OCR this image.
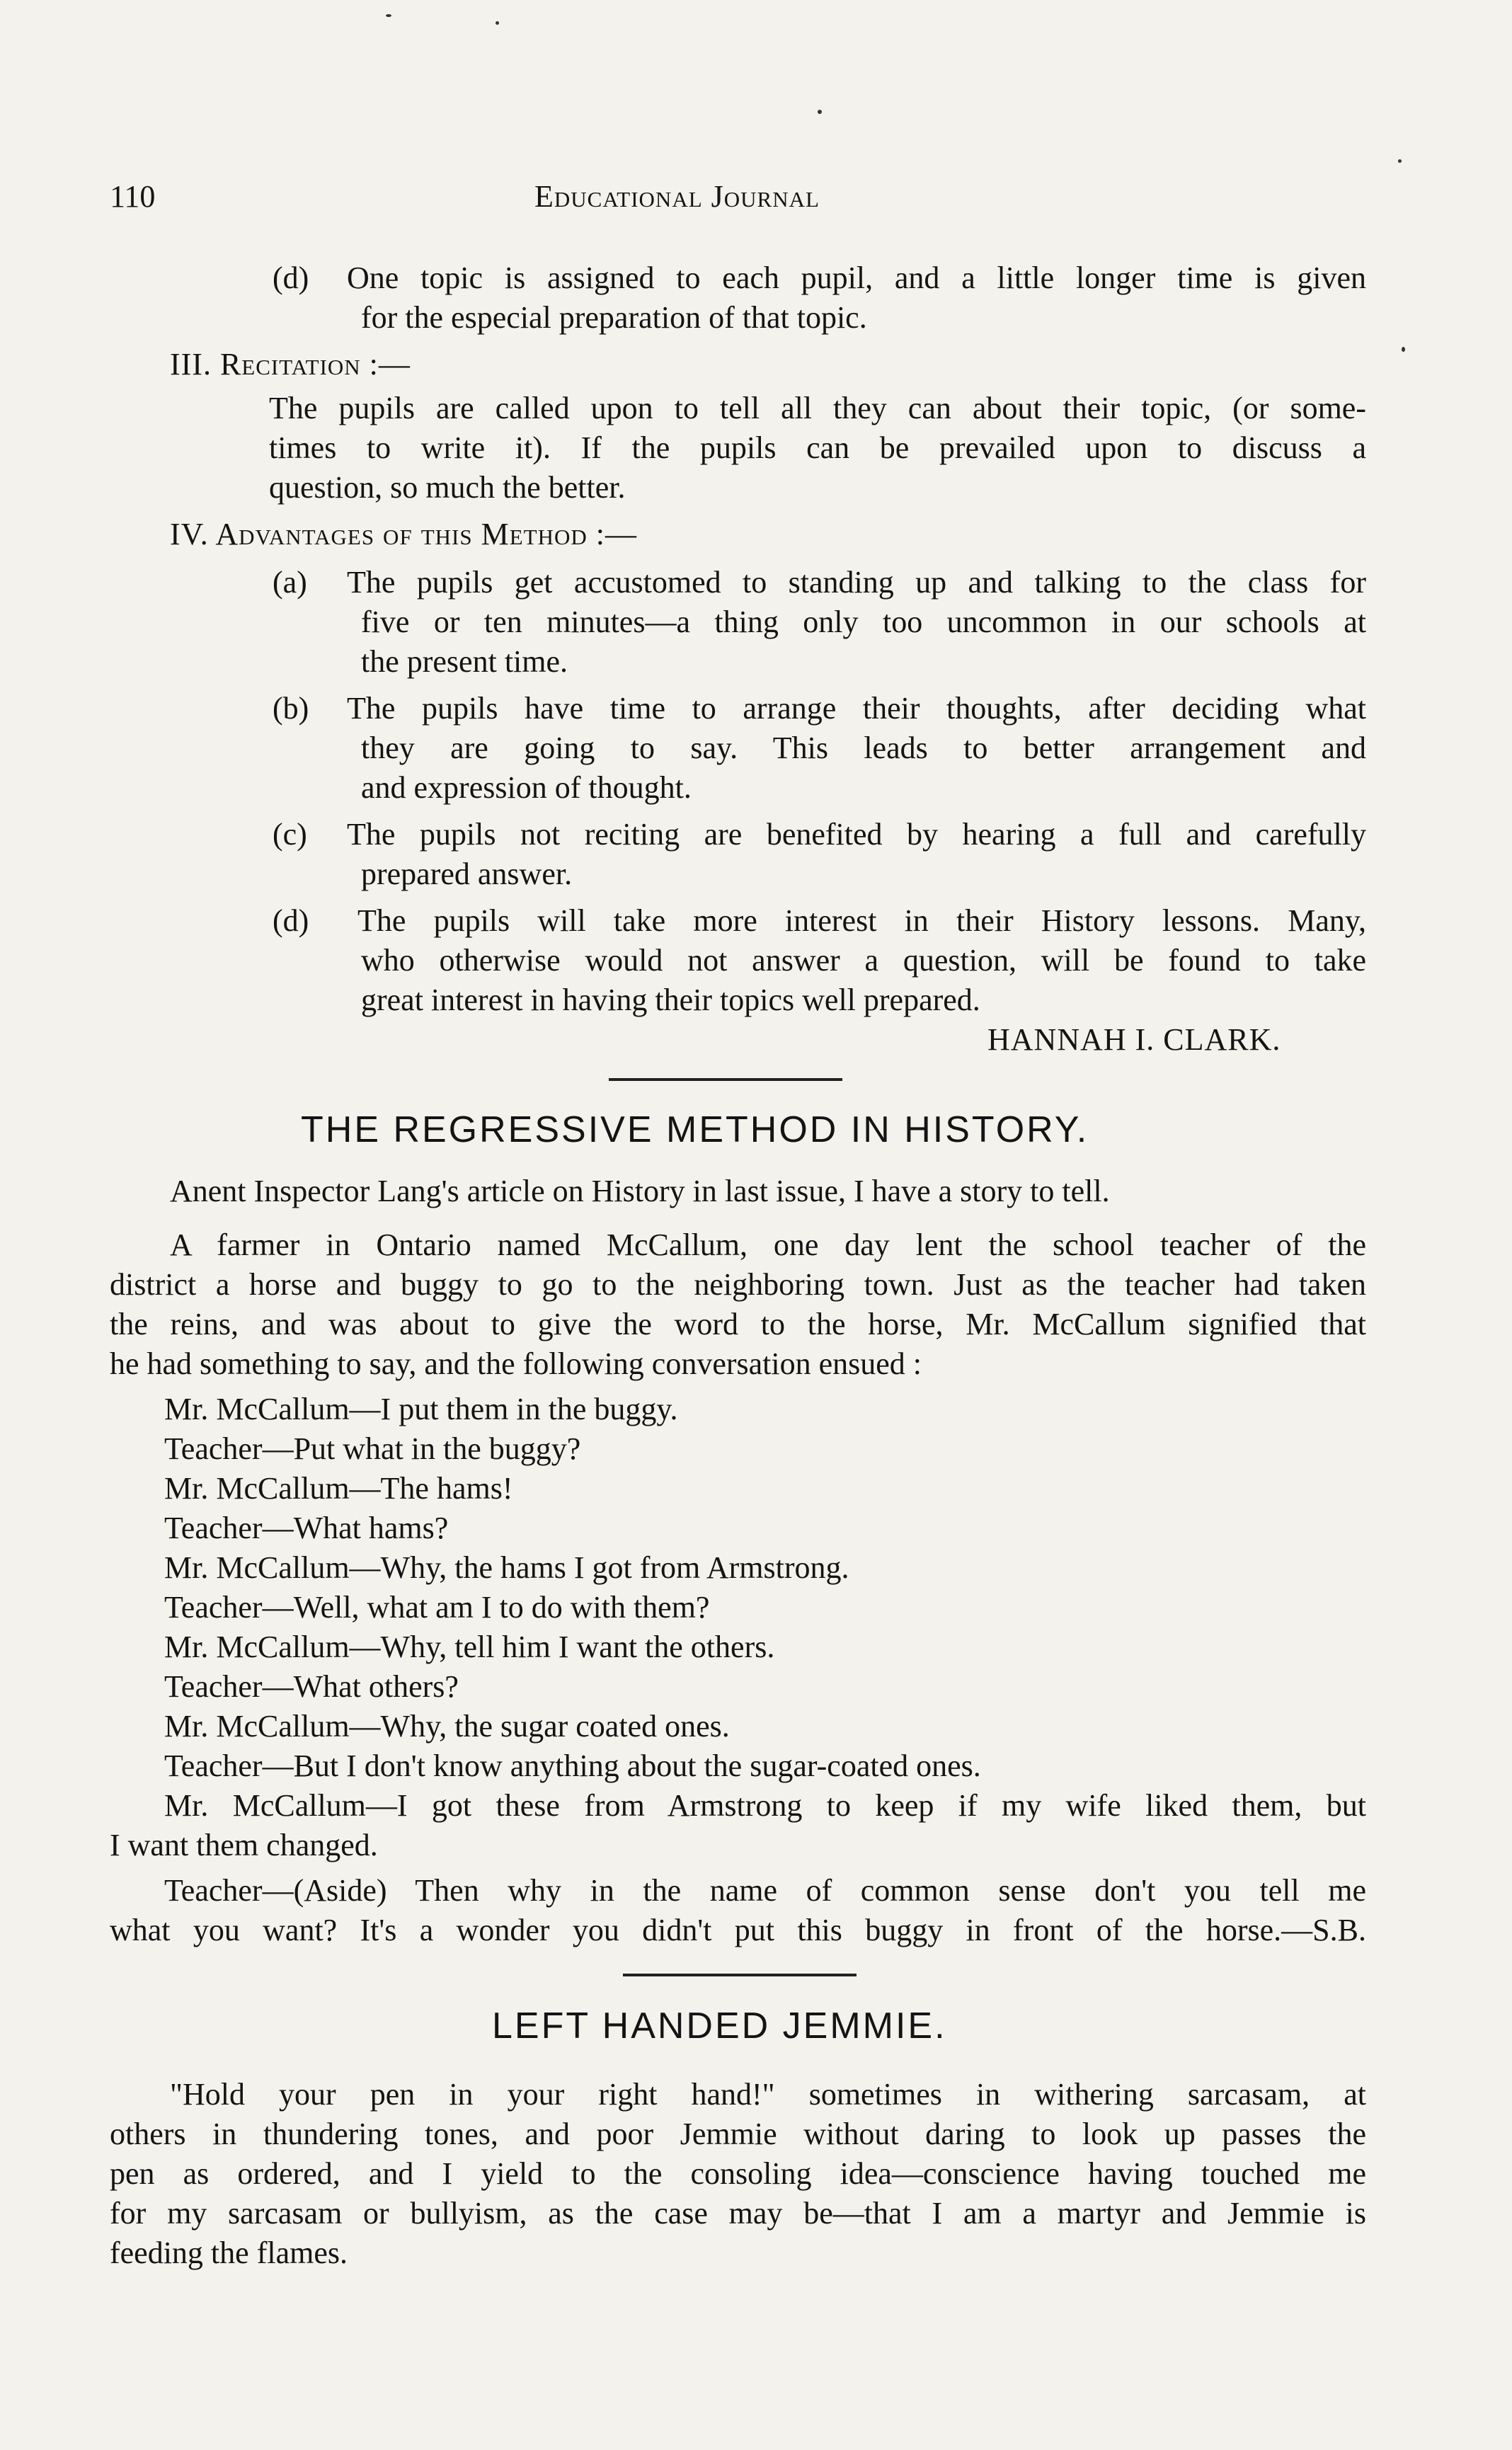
110	Educational Journal
(d) One topic is assigned to each pupil, and a little longer time is given
for the especial preparation of that topic.
III. Recitation :—
The pupils are called upon to tell all they can about their topic, (or some-
times to write it). If the pupils can be prevailed upon to discuss a
question, so much the better.
IV. Advantages of this Method :—
(a) The pupils get accustomed to standing up and talking to the class for
five or ten minutes—a thing only too uncommon in our schools at
the present time.
(b) The pupils have time to arrange their thoughts, after deciding what
they are going to say. This leads to better arrangement and
and expression of thought.
(c) The pupils not reciting are benefited by hearing a full and carefully
prepared answer.
(d) The pupils will take more interest in their History lessons. Many,
who otherwise would not answer a question, will be found to take
great interest in having their topics well prepared.
HANNAH I. CLARK.
THE REGRESSIVE METHOD IN HISTORY.
Anent Inspector Lang's article on History in last issue, I have a story to tell.
A farmer in Ontario named McCallum, one day lent the school teacher of the
district a horse and buggy to go to the neighboring town. Just as the teacher had taken
the reins, and was about to give the word to the horse, Mr. McCallum signified that
he had something to say, and the following conversation ensued :
Mr. McCallum—I put them in the buggy.
Teacher—Put what in the buggy?
Mr. McCallum—The hams!
Teacher—What hams?
Mr. McCallum—Why, the hams I got from Armstrong.
Teacher—Well, what am I to do with them?
Mr. McCallum—Why, tell him I want the others.
Teacher—What others?
Mr. McCallum—Why, the sugar coated ones.
Teacher—But I don't know anything about the sugar-coated ones.
Mr. McCallum—I got these from Armstrong to keep if my wife liked them, but
I want them changed.
Teacher—(Aside) Then why in the name of common sense don't you tell me
what you want? It's a wonder you didn't put this buggy in front of the horse.—S.B.
LEFT HANDED JEMMIE.
"Hold your pen in your right hand!" sometimes in withering sarcasam, at
others in thundering tones, and poor Jemmie without daring to look up passes the
pen as ordered, and I yield to the consoling idea—conscience having touched me
for my sarcasam or bullyism, as the case may be—that I am a martyr and Jemmie is
feeding the flames.
